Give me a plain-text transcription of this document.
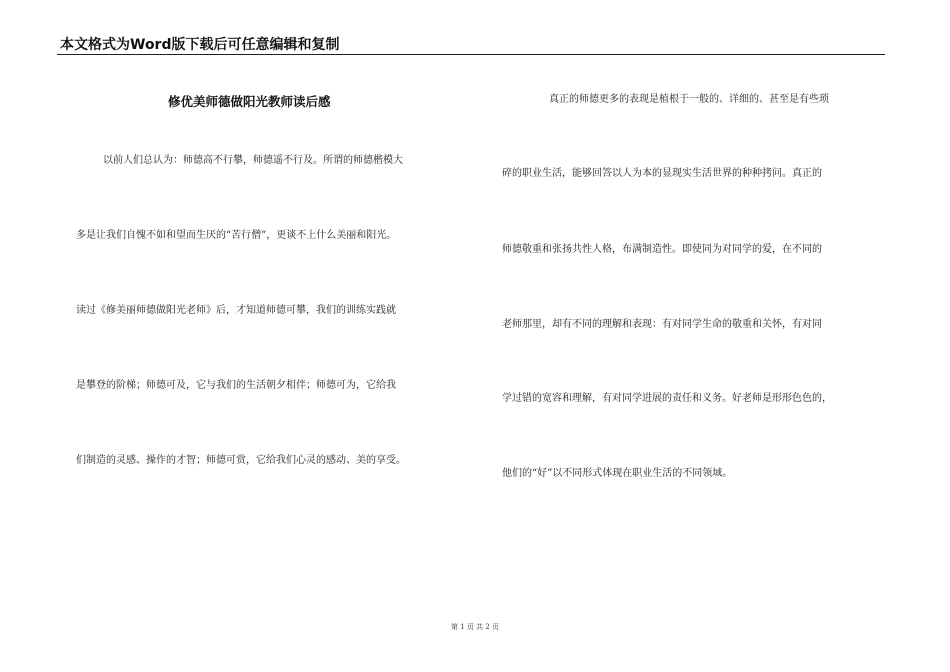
本文格式为Word版下载后可任意编辑和复制
修优美师德做阳光教师读后感
以前人们总认为：师德高不行攀，师德遥不行及。所谓的师德楷模大
多是让我们自愧不如和望而生厌的“苦行僧”，更谈不上什么美丽和阳光。
读过《修美丽师德做阳光老师》后，才知道师德可攀，我们的训练实践就
是攀登的阶梯；师德可及，它与我们的生活朝夕相伴；师德可为，它给我
们制造的灵感、操作的才智；师德可赏，它给我们心灵的感动、美的享受。
真正的师德更多的表现是植根于一般的、详细的、甚至是有些琐
碎的职业生活，能够回答以人为本的显现实生活世界的种种拷问。真正的
师德敬重和张扬共性人格，布满制造性。即使同为对同学的爱，在不同的
老师那里，却有不同的理解和表现：有对同学生命的敬重和关怀，有对同
学过错的宽容和理解，有对同学进展的责任和义务。好老师是形形色色的，
他们的“好”以不同形式体现在职业生活的不同领域。
第 1 页 共 2 页
